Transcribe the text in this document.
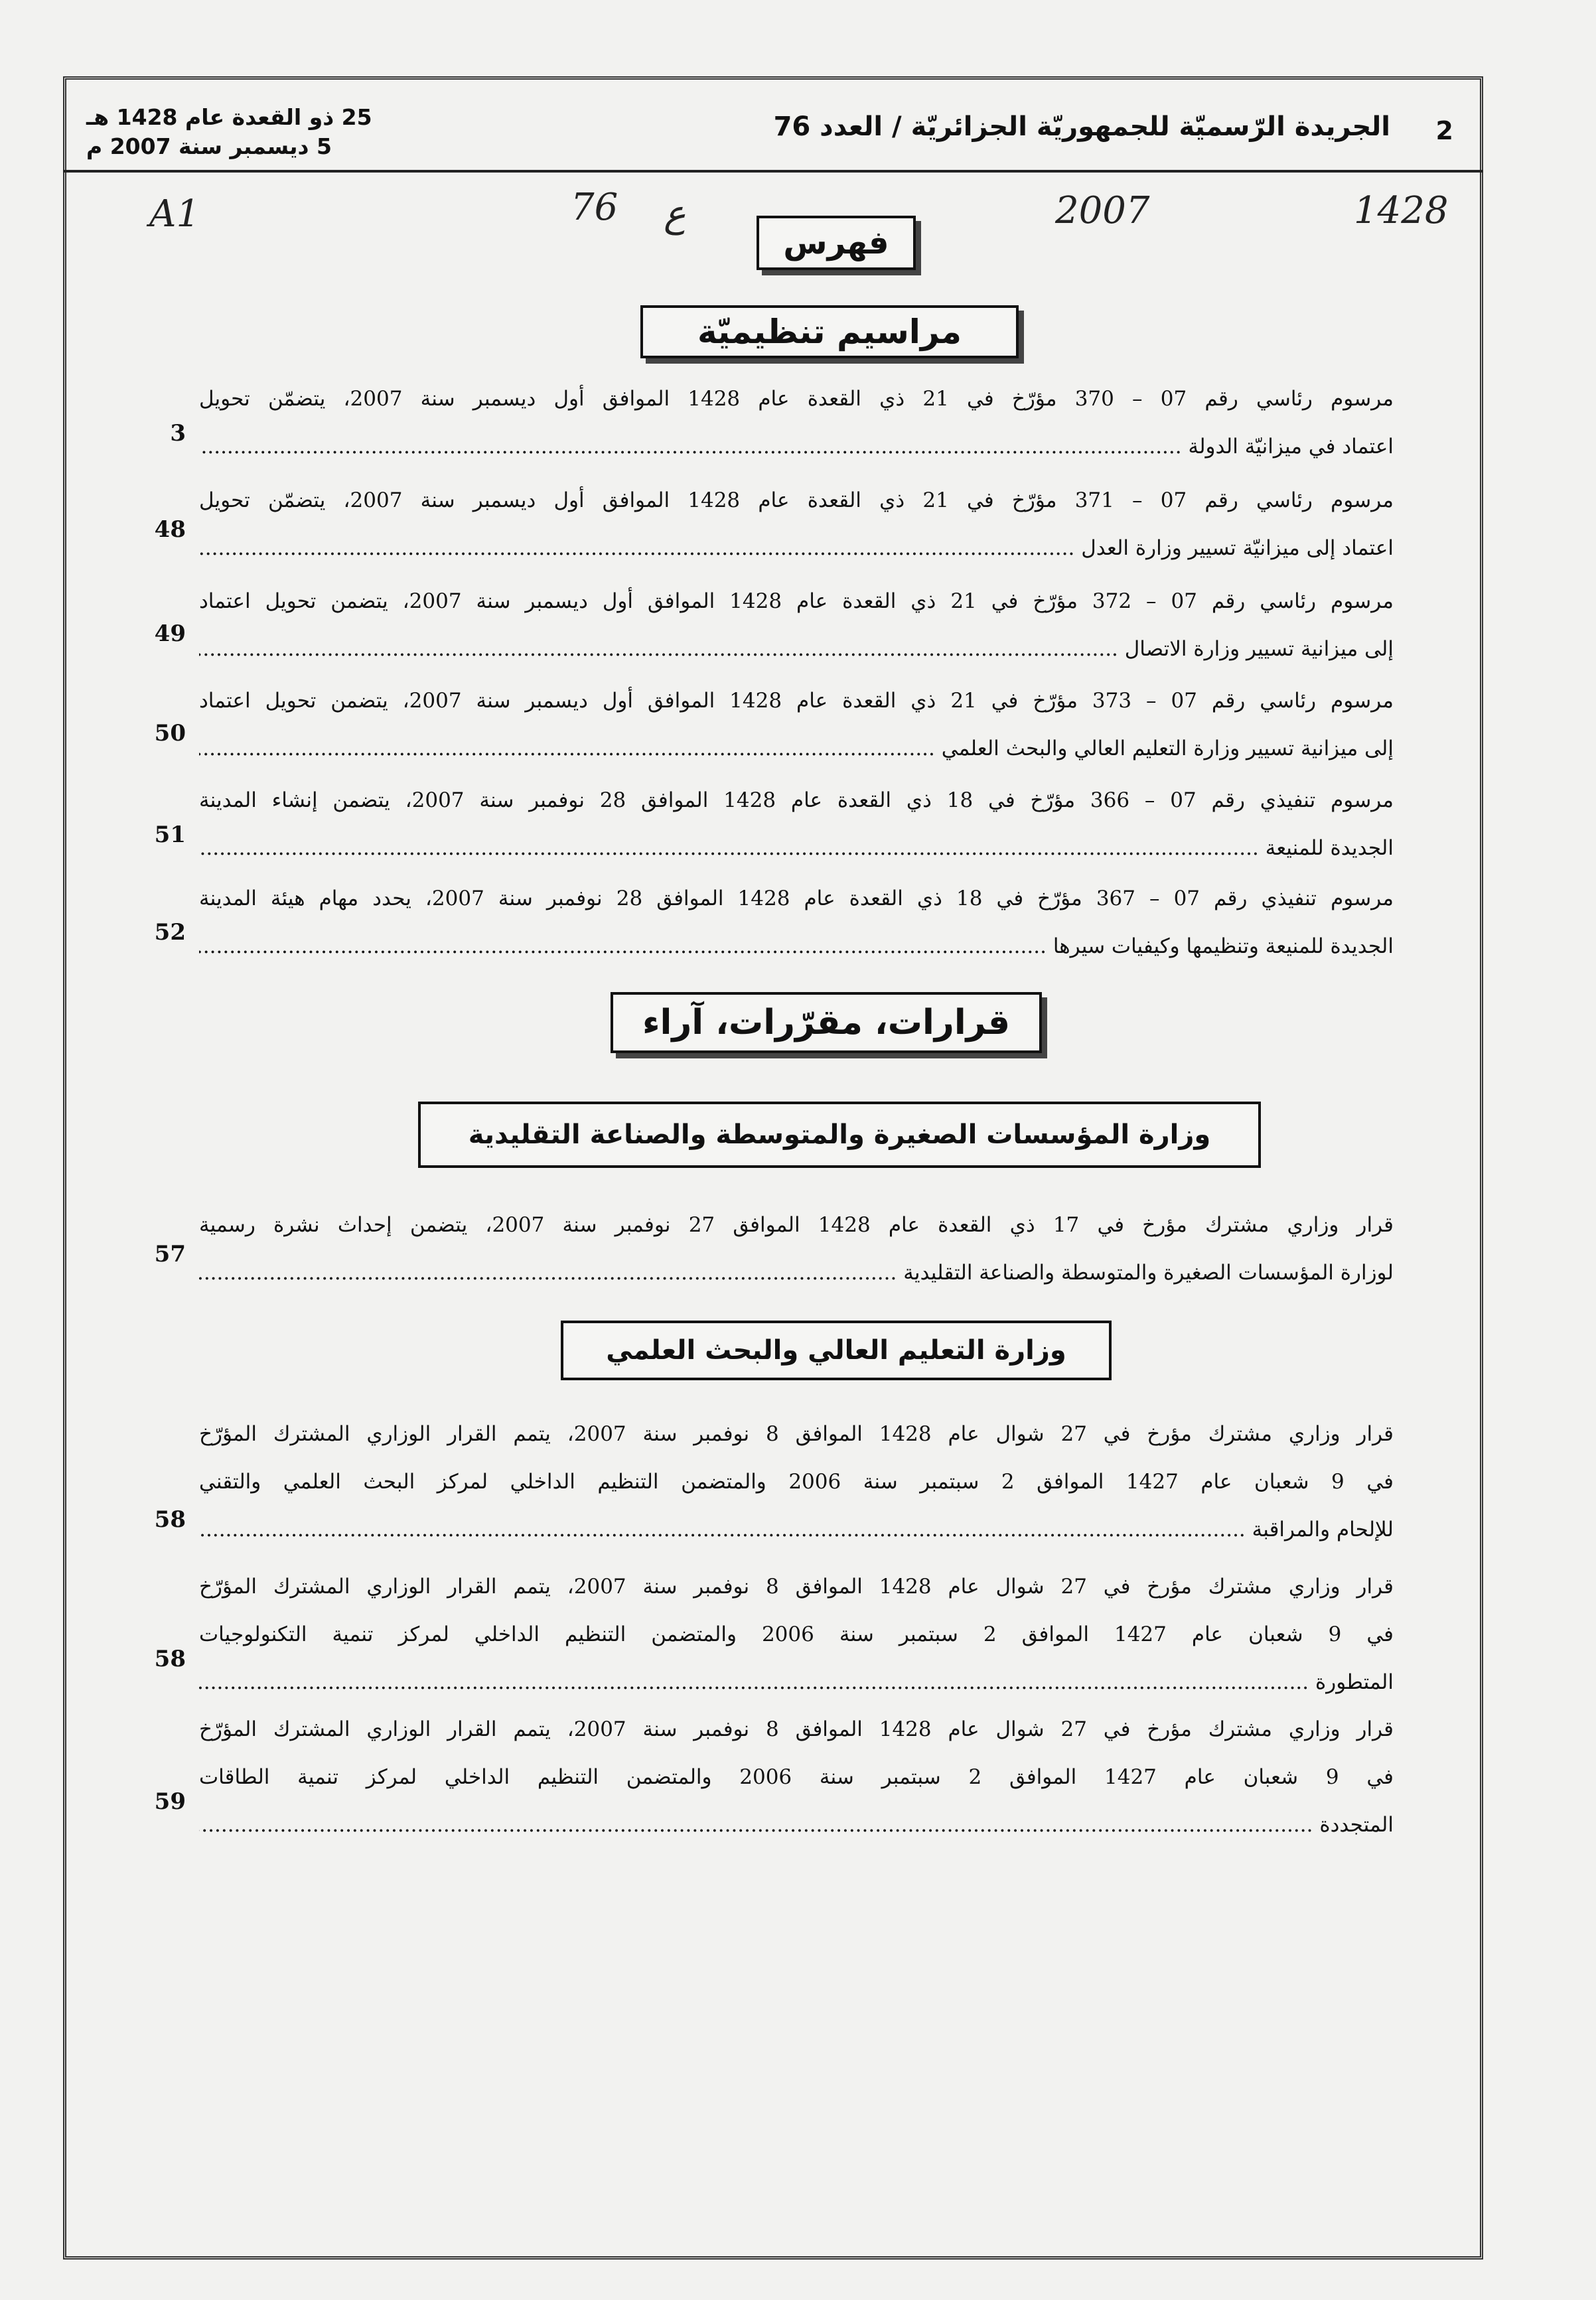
2
الجريدة الرّسميّة للجمهوريّة الجزائريّة / العدد 76
25 ذو القعدة عام 1428 هـ
5 ديسمبر سنة 2007 م
A1	76 ع	2007	1428
فهرس
مراسيم تنظيميّة
مرسوم رئاسي رقم 07 – 370 مؤرّخ في 21 ذي القعدة عام 1428 الموافق أول ديسمبر سنة 2007، يتضمّن تحويل
اعتماد في ميزانيّة الدولة .....
3
مرسوم رئاسي رقم 07 – 371 مؤرّخ في 21 ذي القعدة عام 1428 الموافق أول ديسمبر سنة 2007، يتضمّن تحويل
اعتماد إلى ميزانيّة تسيير وزارة العدل .....
48
مرسوم رئاسي رقم 07 – 372 مؤرّخ في 21 ذي القعدة عام 1428 الموافق أول ديسمبر سنة 2007، يتضمن تحويل اعتماد
إلى ميزانية تسيير وزارة الاتصال .....
49
مرسوم رئاسي رقم 07 – 373 مؤرّخ في 21 ذي القعدة عام 1428 الموافق أول ديسمبر سنة 2007، يتضمن تحويل اعتماد
إلى ميزانية تسيير وزارة التعليم العالي والبحث العلمي .....
50
مرسوم تنفيذي رقم 07 – 366 مؤرّخ في 18 ذي القعدة عام 1428 الموافق 28 نوفمبر سنة 2007، يتضمن إنشاء المدينة
الجديدة للمنيعة .....
51
مرسوم تنفيذي رقم 07 – 367 مؤرّخ في 18 ذي القعدة عام 1428 الموافق 28 نوفمبر سنة 2007، يحدد مهام هيئة المدينة
الجديدة للمنيعة وتنظيمها وكيفيات سيرها .....
52
قرارات، مقرّرات، آراء
وزارة المؤسسات الصغيرة والمتوسطة والصناعة التقليدية
قرار وزاري مشترك مؤرخ في 17 ذي القعدة عام 1428 الموافق 27 نوفمبر سنة 2007، يتضمن إحداث نشرة رسمية
لوزارة المؤسسات الصغيرة والمتوسطة والصناعة التقليدية .....
57
وزارة التعليم العالي والبحث العلمي
قرار وزاري مشترك مؤرخ في 27 شوال عام 1428 الموافق 8 نوفمبر سنة 2007، يتمم القرار الوزاري المشترك المؤرّخ
في 9 شعبان عام 1427 الموافق 2 سبتمبر سنة 2006 والمتضمن التنظيم الداخلي لمركز البحث العلمي والتقني
للإلحام والمراقبة .....
58
قرار وزاري مشترك مؤرخ في 27 شوال عام 1428 الموافق 8 نوفمبر سنة 2007، يتمم القرار الوزاري المشترك المؤرّخ
في 9 شعبان عام 1427 الموافق 2 سبتمبر سنة 2006 والمتضمن التنظيم الداخلي لمركز تنمية التكنولوجيات
المتطورة .....
58
قرار وزاري مشترك مؤرخ في 27 شوال عام 1428 الموافق 8 نوفمبر سنة 2007، يتمم القرار الوزاري المشترك المؤرّخ
في 9 شعبان عام 1427 الموافق 2 سبتمبر سنة 2006 والمتضمن التنظيم الداخلي لمركز تنمية الطاقات
المتجددة .....
59
